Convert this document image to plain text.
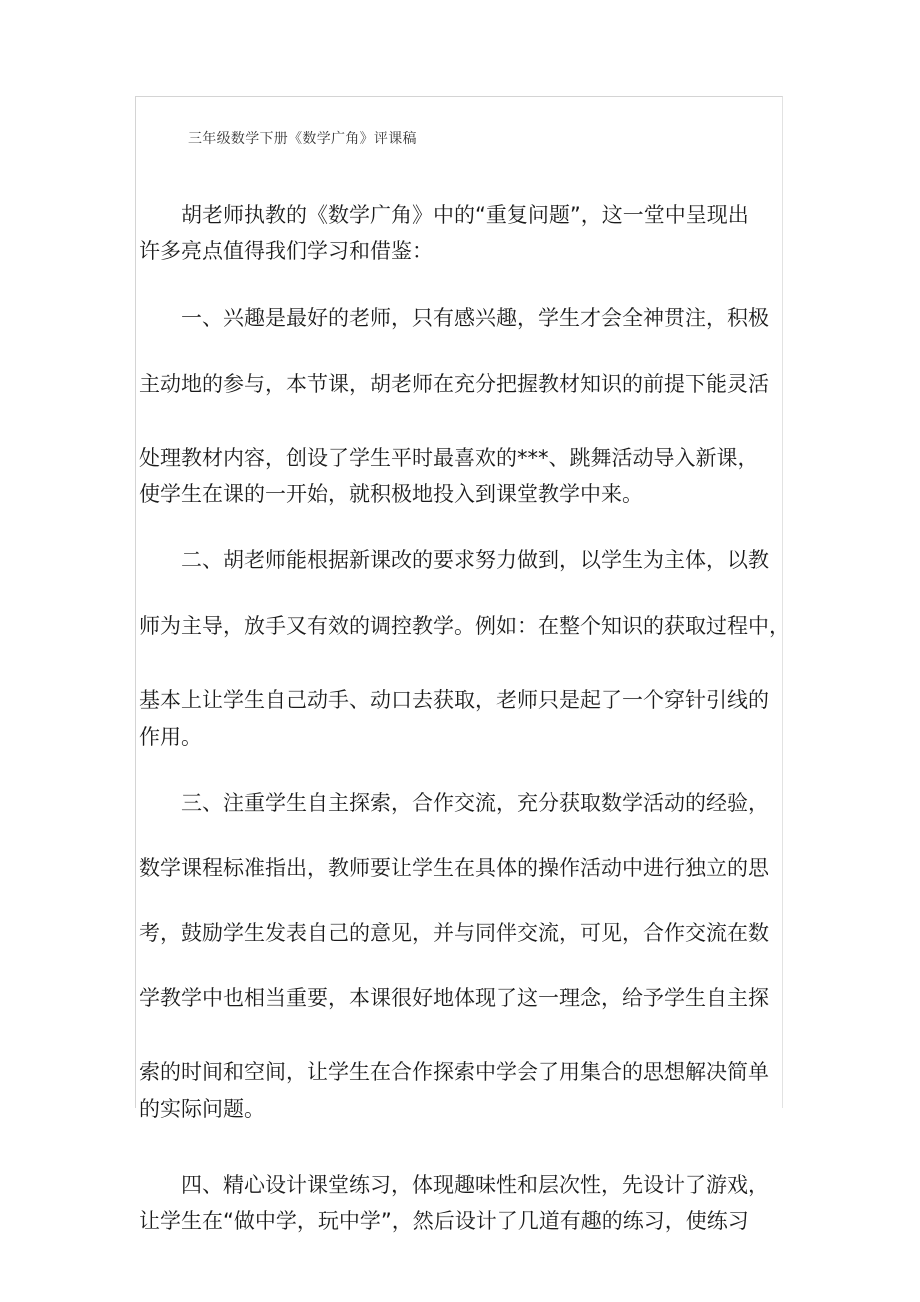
三年级数学下册《数学广角》评课稿
胡老师执教的《数学广角》中的“重复问题”，这一堂中呈现出
许多亮点值得我们学习和借鉴：
一、兴趣是最好的老师，只有感兴趣，学生才会全神贯注，积极
主动地的参与，本节课，胡老师在充分把握教材知识的前提下能灵活
处理教材内容，创设了学生平时最喜欢的***、跳舞活动导入新课，
使学生在课的一开始，就积极地投入到课堂教学中来。
二、胡老师能根据新课改的要求努力做到，以学生为主体，以教
师为主导，放手又有效的调控教学。例如：在整个知识的获取过程中，
基本上让学生自己动手、动口去获取，老师只是起了一个穿针引线的
作用。
三、注重学生自主探索，合作交流，充分获取数学活动的经验，
数学课程标准指出，教师要让学生在具体的操作活动中进行独立的思
考，鼓励学生发表自己的意见，并与同伴交流，可见，合作交流在数
学教学中也相当重要，本课很好地体现了这一理念，给予学生自主探
索的时间和空间，让学生在合作探索中学会了用集合的思想解决简单
的实际问题。
四、精心设计课堂练习，体现趣味性和层次性，先设计了游戏，
让学生在“做中学，玩中学”，然后设计了几道有趣的练习，使练习
